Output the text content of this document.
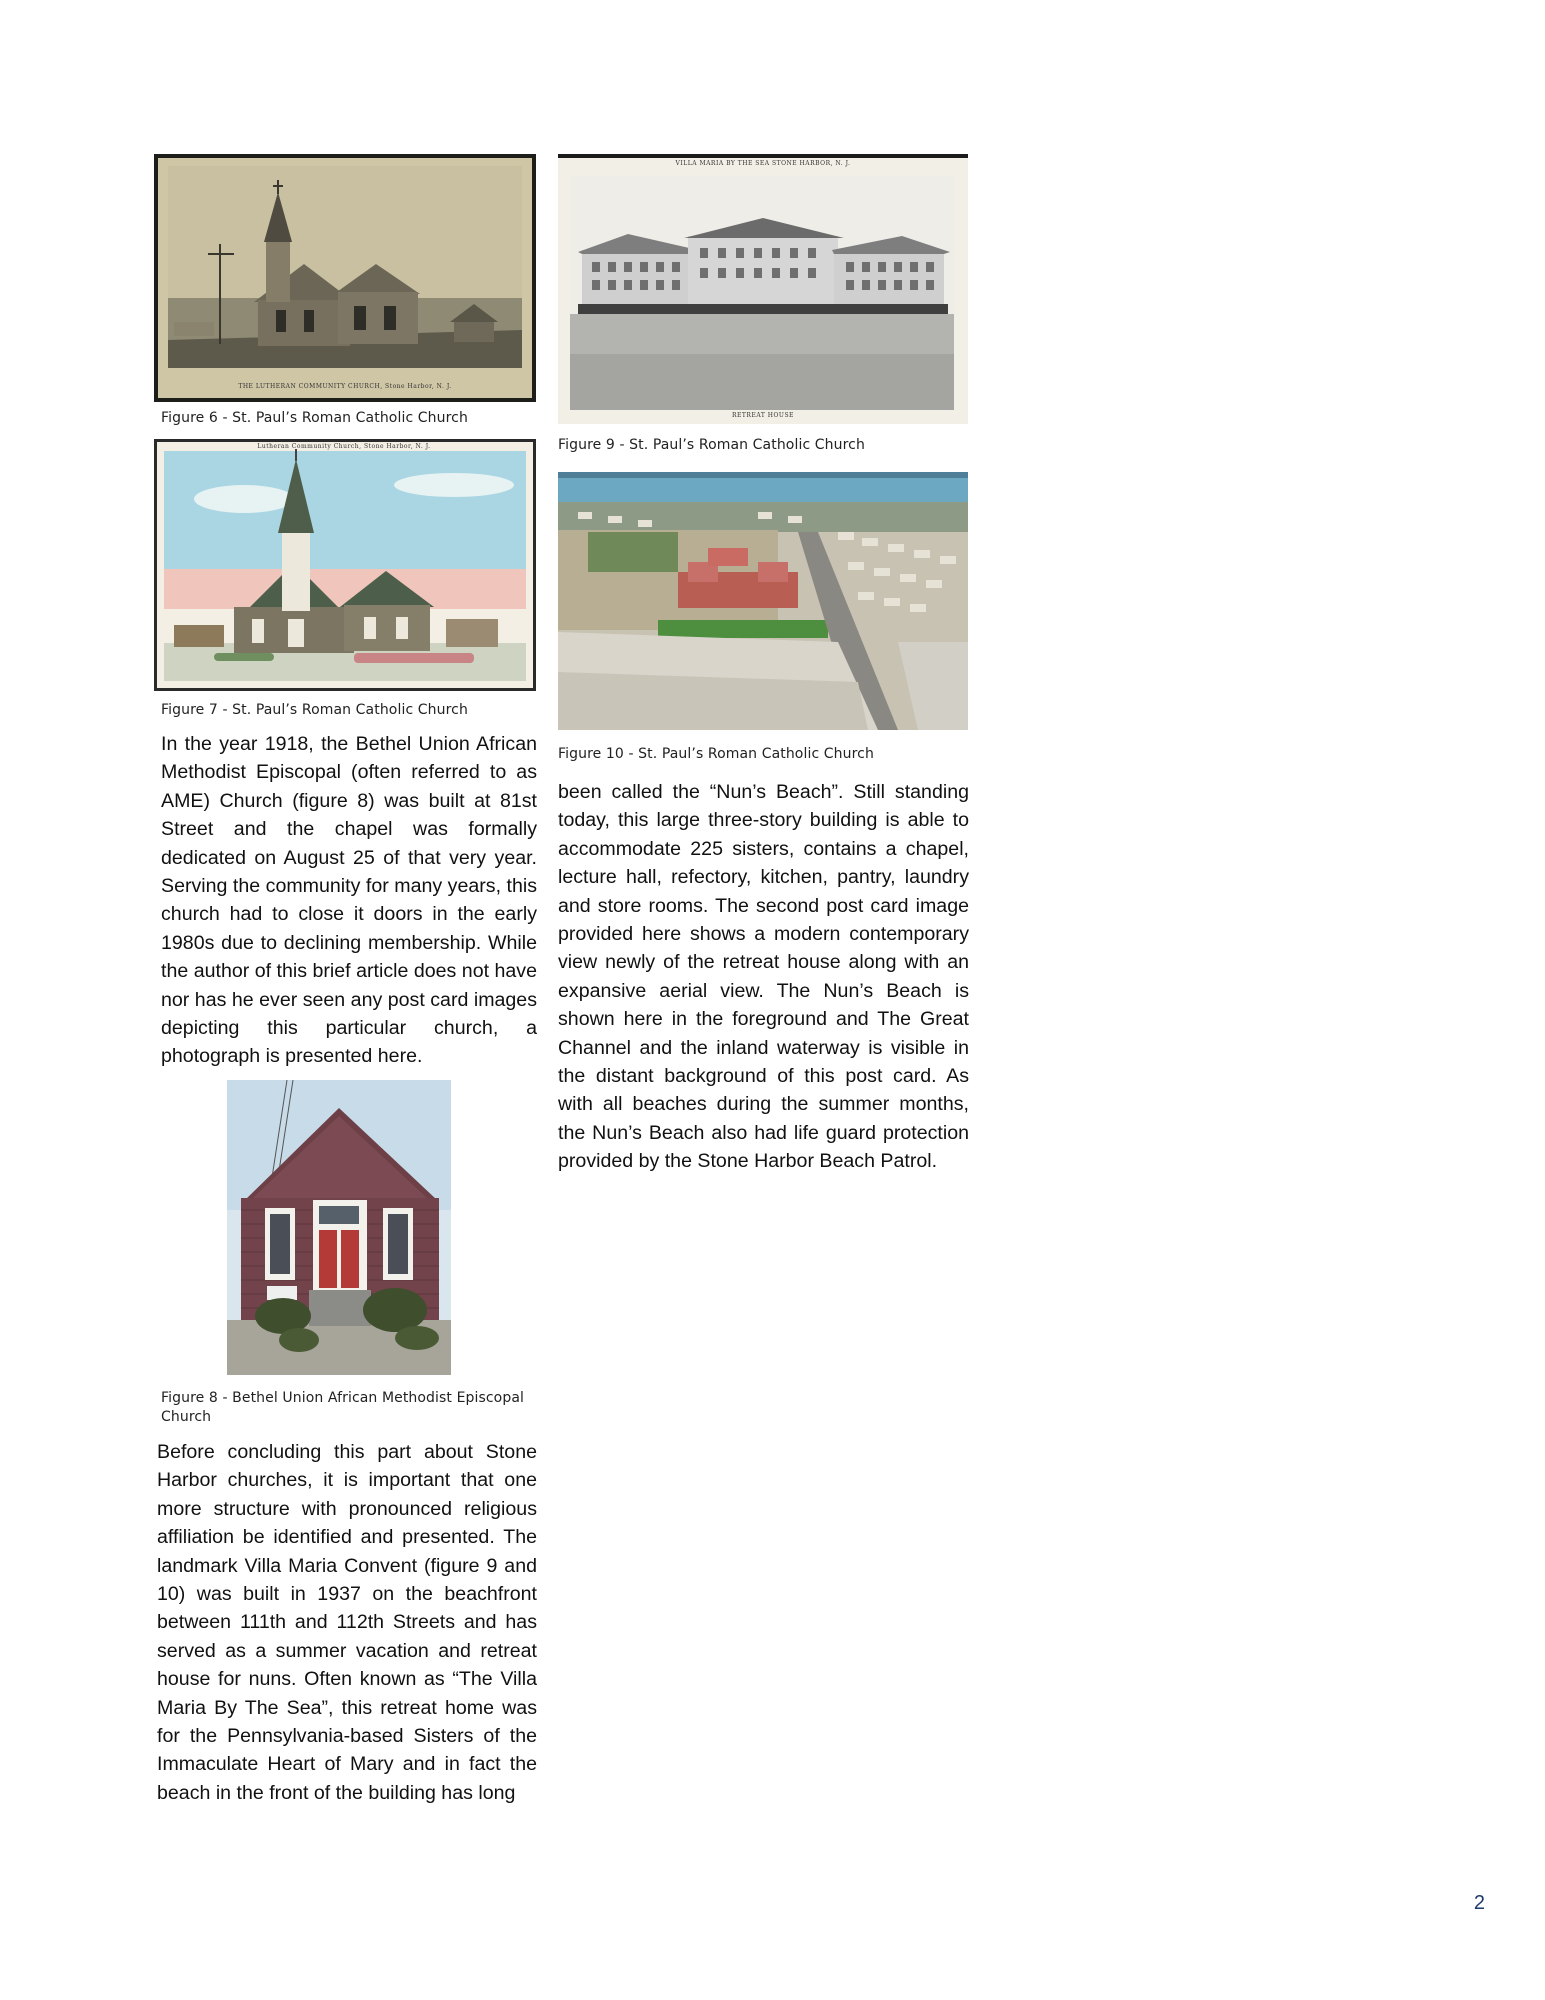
THE LUTHERAN COMMUNITY CHURCH, Stone Harbor, N. J.
Figure 6 - St. Paul’s Roman Catholic Church
Lutheran Community Church, Stone Harbor, N. J.
Figure 7 - St. Paul’s Roman Catholic Church
In the year 1918, the Bethel Union African Methodist Episcopal (often referred to as AME) Church (figure 8) was built at 81st Street and the chapel was formally dedicated on August 25 of that very year. Serving the community for many years, this church had to close it doors in the early 1980s due to declining membership. While the author of this brief article does not have nor has he ever seen any post card images depicting this particular church, a photograph is presented here.
Figure 8 - Bethel Union African Methodist Episcopal Church
Before concluding this part about Stone Harbor churches, it is important that one more structure with pronounced religious affiliation be identified and presented. The landmark Villa Maria Convent (figure 9 and 10) was built in 1937 on the beachfront between 111th and 112th Streets and has served as a summer vacation and retreat house for nuns. Often known as “The Villa Maria By The Sea”, this retreat home was for the Pennsylvania-based Sisters of the Immaculate Heart of Mary and in fact the beach in the front of the building has long
VILLA MARIA BY THE SEA STONE HARBOR, N. J.
RETREAT HOUSE
Figure 9 - St. Paul’s Roman Catholic Church
Figure 10 - St. Paul’s Roman Catholic Church
been called the “Nun’s Beach”. Still standing today, this large three-story building is able to accommodate 225 sisters, contains a chapel, lecture hall, refectory, kitchen, pantry, laundry and store rooms. The second post card image provided here shows a modern contemporary view newly of the retreat house along with an expansive aerial view. The Nun’s Beach is shown here in the foreground and The Great Channel and the inland waterway is visible in the distant background of this post card. As with all beaches during the summer months, the Nun’s Beach also had life guard protection provided by the Stone Harbor Beach Patrol.
2
